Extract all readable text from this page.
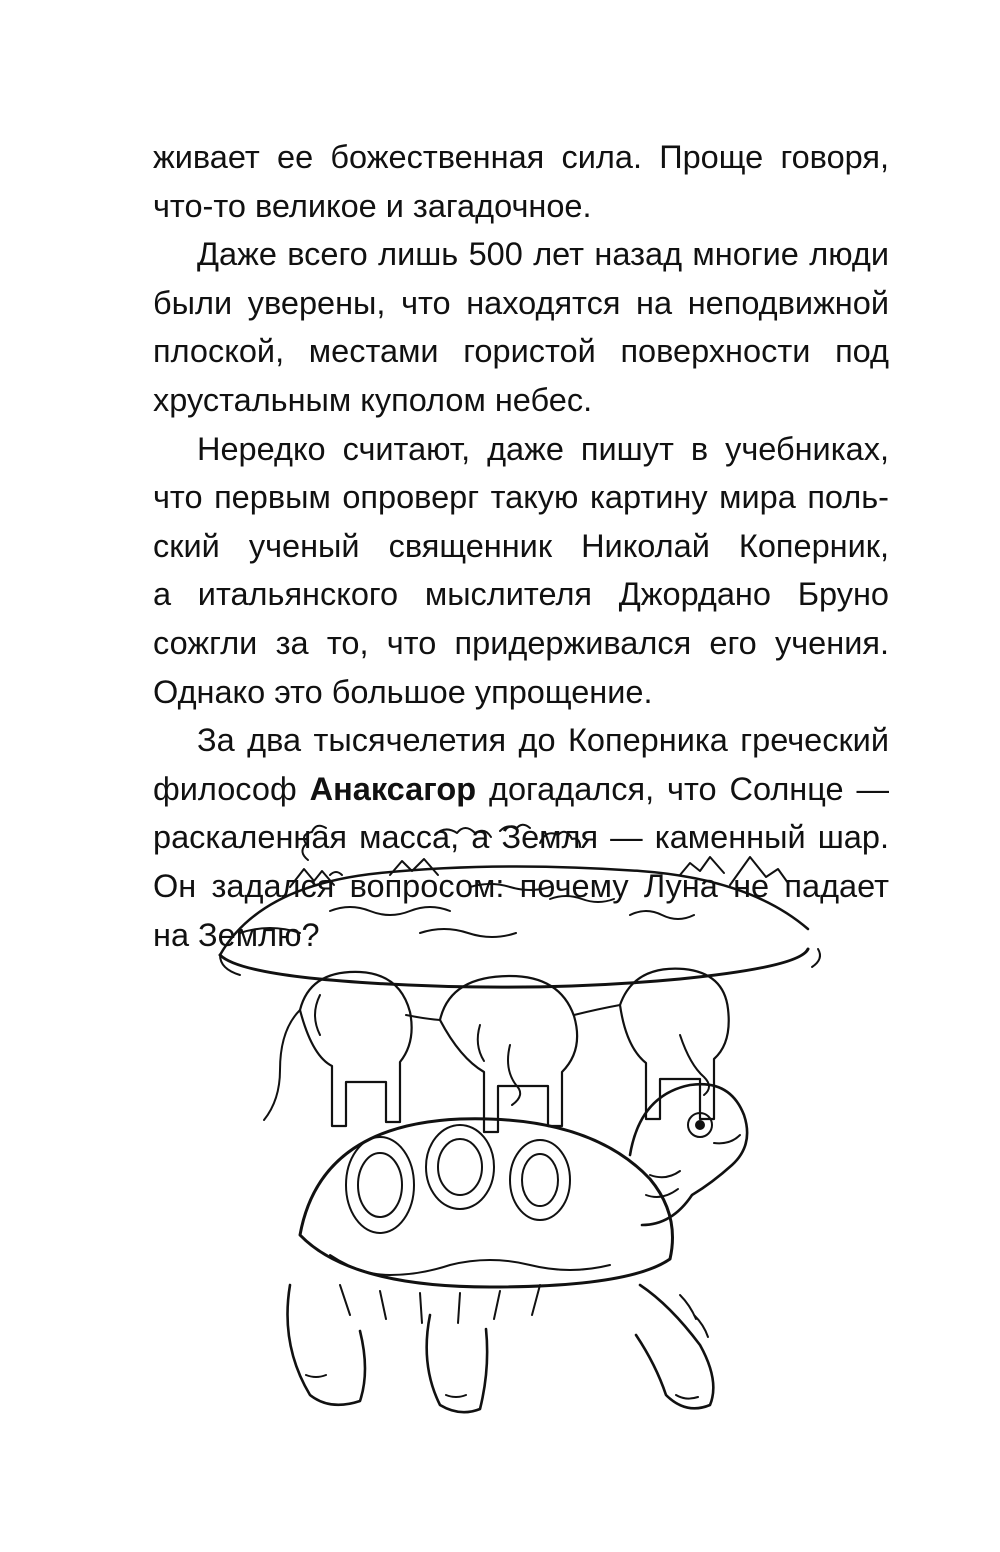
живает ее божественная сила. Проще говоря,
что-то великое и загадочное.

Даже всего лишь 500 лет назад многие люди
были уверены, что находятся на неподвижной
плоской, местами гористой поверхности под
хрустальным куполом небес.

Нередко считают, даже пишут в учебниках,
что первым опроверг такую картину мира поль-
ский ученый священник Николай Коперник,
а итальянского мыслителя Джордано Бруно
сожгли за то, что придерживался его учения.
Однако это большое упрощение.

За два тысячелетия до Коперника греческий
философ Анаксагор догадался, что Солнце —
раскаленная масса, а Земля — каменный шар.
Он задался вопросом: почему Луна не падает
на Землю?
